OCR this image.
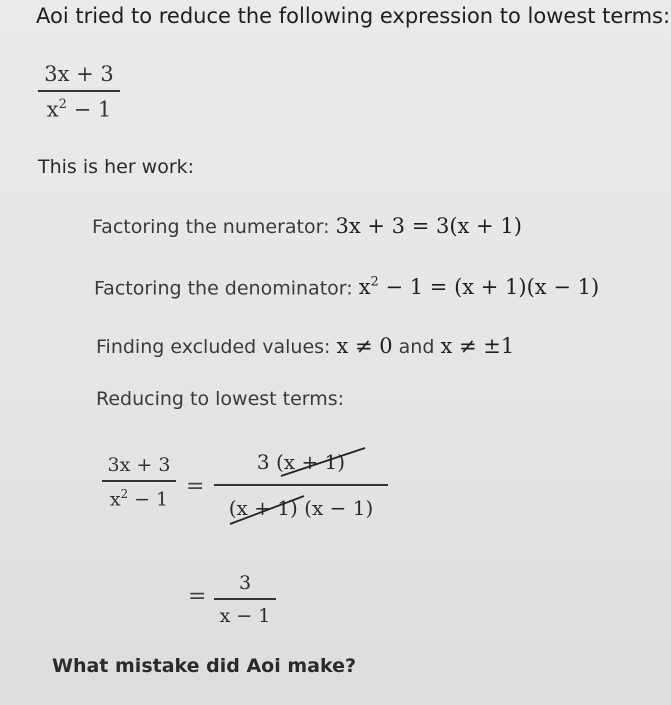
Aoi tried to reduce the following expression to lowest terms:
3x + 3
$x^2 - 1$
This is her work:
Factoring the numerator: 3x + 3 = 3(x + 1)
Factoring the denominator: $x^2 - 1 = (x + 1)(x - 1)$
Finding excluded values: x ≠ 0 and x ≠ ±1
Reducing to lowest terms:
3x + 3
$x^2 - 1$
=
3 (x + 1)
(x + 1)
(x − 1)
=
3
x − 1
What mistake did Aoi make?
